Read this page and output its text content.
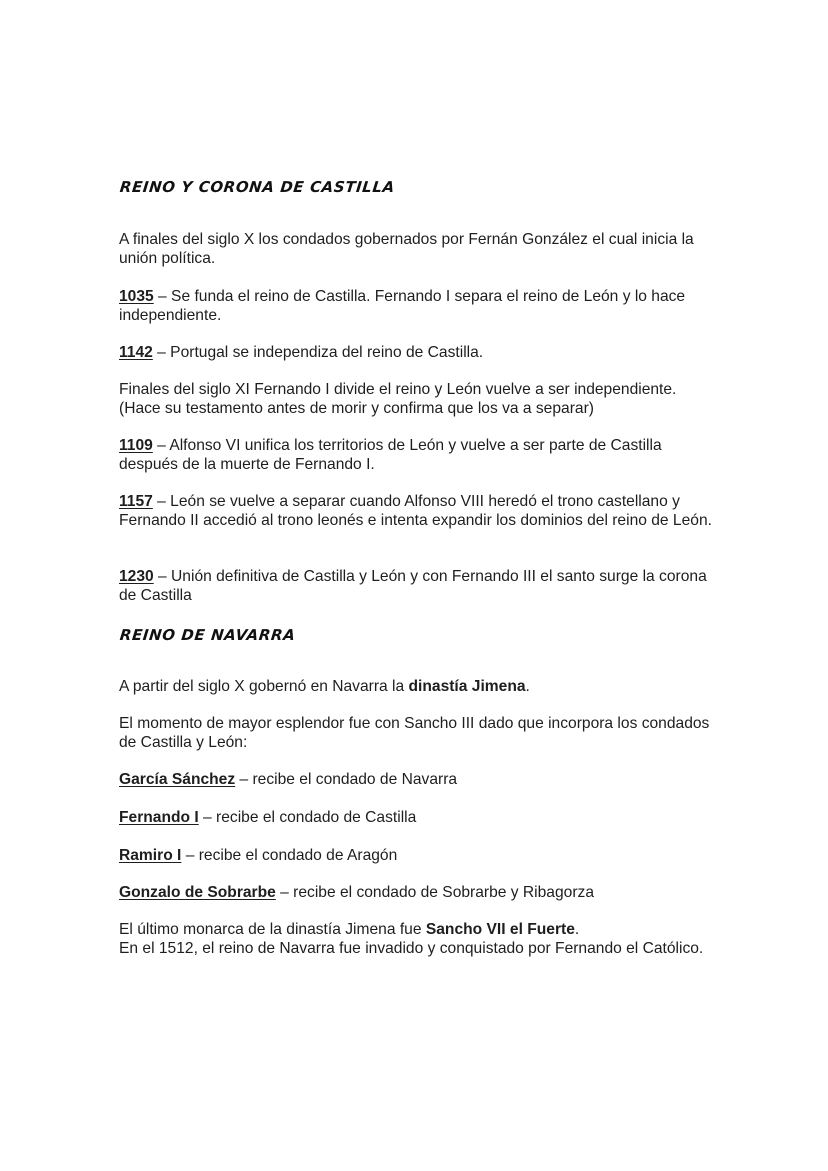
REINO Y CORONA DE CASTILLA

A finales del siglo X los condados gobernados por Fernán González el cual inicia la unión política.

1035 – Se funda el reino de Castilla. Fernando I separa el reino de León y lo hace independiente.

1142 – Portugal se independiza del reino de Castilla.

Finales del siglo XI Fernando I divide el reino y León vuelve a ser independiente. (Hace su testamento antes de morir y confirma que los va a separar)

1109 – Alfonso VI unifica los territorios de León y vuelve a ser parte de Castilla después de la muerte de Fernando I.

1157 – León se vuelve a separar cuando Alfonso VIII heredó el trono castellano y Fernando II accedió al trono leonés e intenta expandir los dominios del reino de León.

1230 – Unión definitiva de Castilla y León y con Fernando III el santo surge la corona de Castilla

REINO DE NAVARRA

A partir del siglo X gobernó en Navarra la dinastía Jimena.

El momento de mayor esplendor fue con Sancho III dado que incorpora los condados de Castilla y León:

García Sánchez – recibe el condado de Navarra

Fernando I – recibe el condado de Castilla

Ramiro I – recibe el condado de Aragón

Gonzalo de Sobrarbe – recibe el condado de Sobrarbe y Ribagorza

El último monarca de la dinastía Jimena fue Sancho VII el Fuerte.

En el 1512, el reino de Navarra fue invadido y conquistado por Fernando el Católico.
